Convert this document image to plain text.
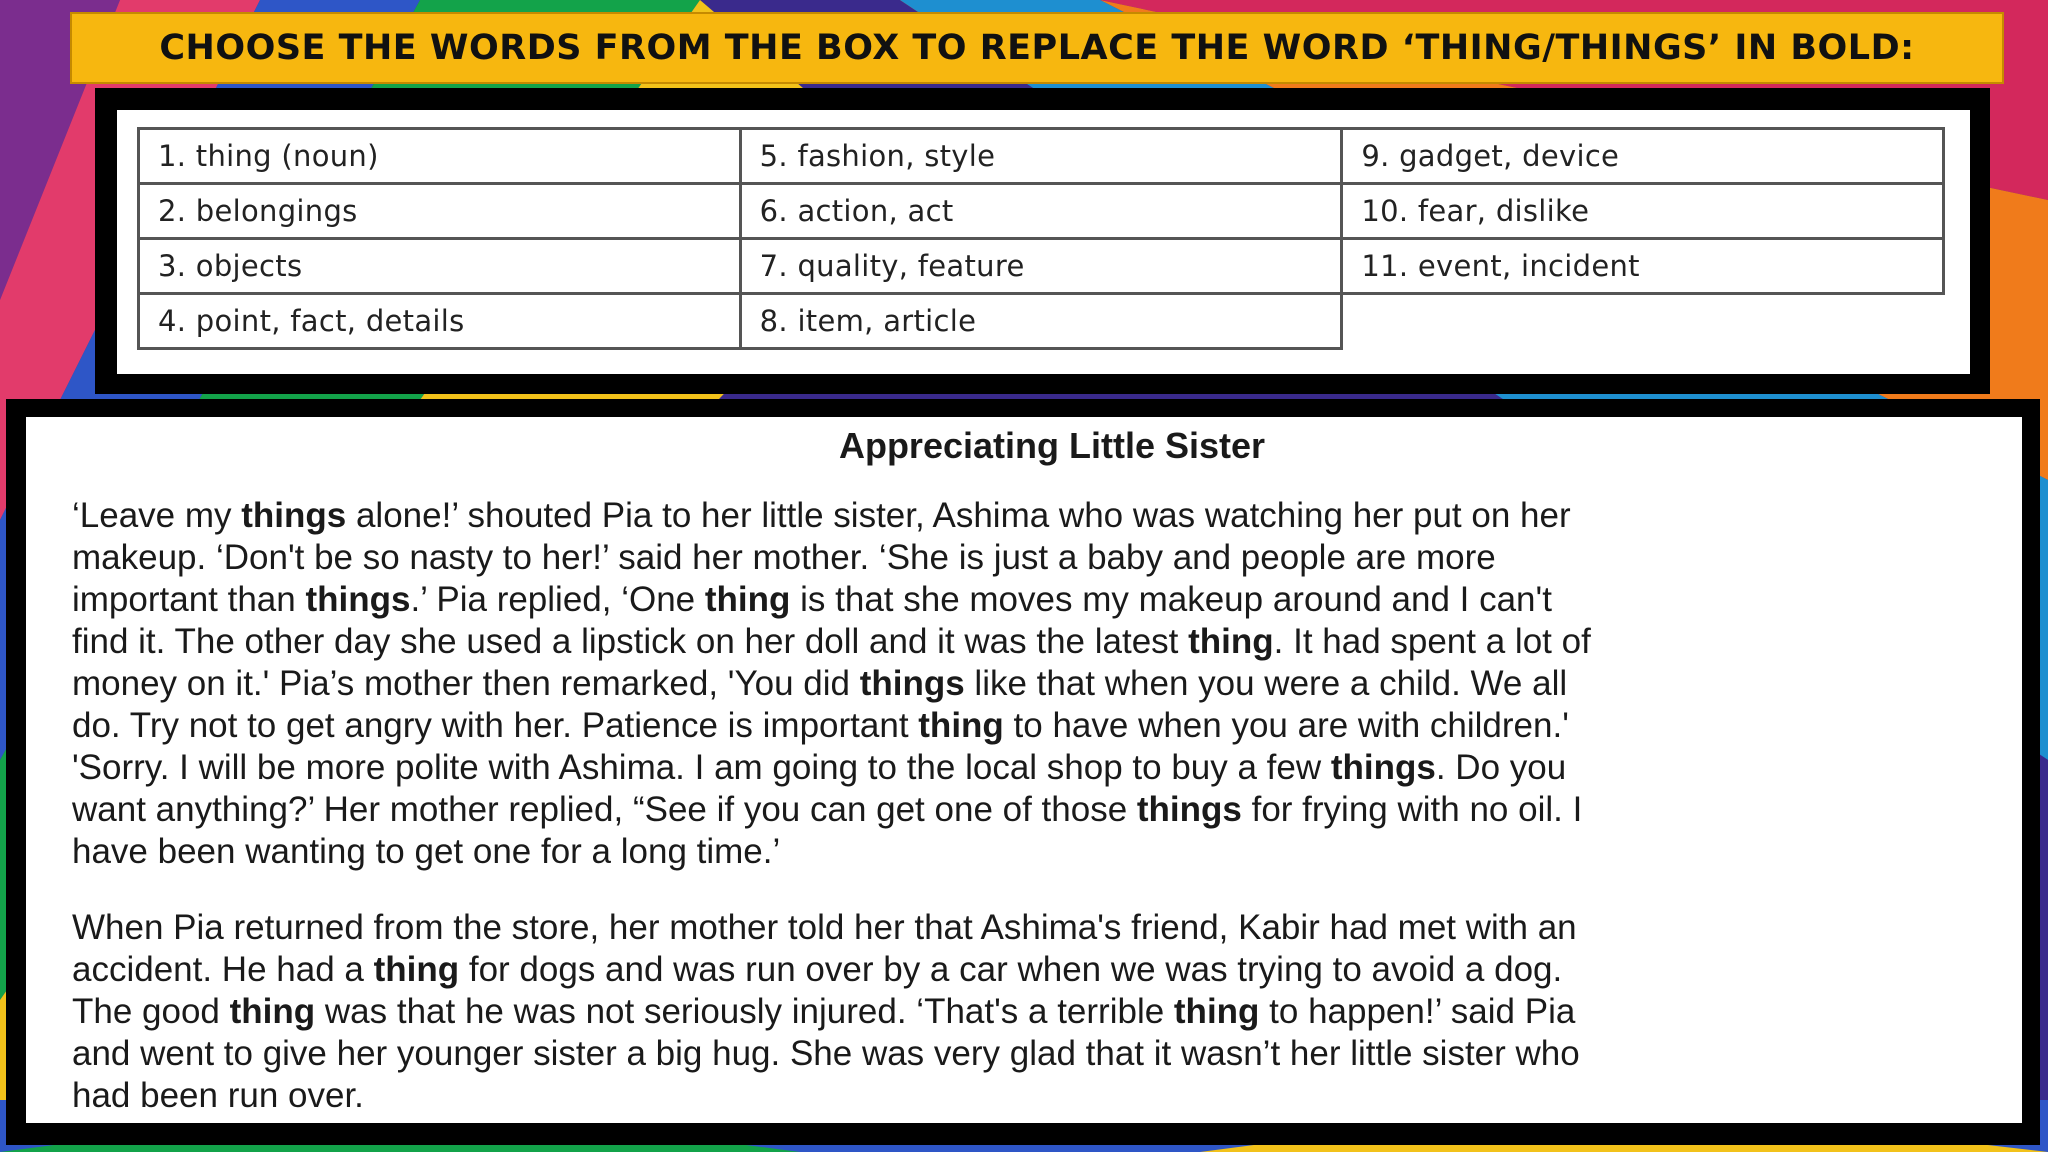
CHOOSE THE WORDS FROM THE BOX TO REPLACE THE WORD ‘THING/THINGS’ IN BOLD:
1. thing (noun)	5. fashion, style	9. gadget, device
2. belongings	6. action, act	10. fear, dislike
3. objects	7. quality, feature	11. event, incident
4. point, fact, details	8. item, article	
Appreciating Little Sister
‘Leave my things alone!’ shouted Pia to her little sister, Ashima who was watching her put on her
makeup. ‘Don't be so nasty to her!’ said her mother. ‘She is just a baby and people are more
important than things.’ Pia replied, ‘One thing is that she moves my makeup around and I can't
find it. The other day she used a lipstick on her doll and it was the latest thing. It had spent a lot of
money on it.' Pia’s mother then remarked, 'You did things like that when you were a child. We all
do. Try not to get angry with her. Patience is important thing to have when you are with children.'
'Sorry. I will be more polite with Ashima. I am going to the local shop to buy a few things. Do you
want anything?’ Her mother replied, “See if you can get one of those things for frying with no oil. I
have been wanting to get one for a long time.’
When Pia returned from the store, her mother told her that Ashima's friend, Kabir had met with an
accident. He had a thing for dogs and was run over by a car when we was trying to avoid a dog.
The good thing was that he was not seriously injured. ‘That's a terrible thing to happen!’ said Pia
and went to give her younger sister a big hug. She was very glad that it wasn’t her little sister who
had been run over.
